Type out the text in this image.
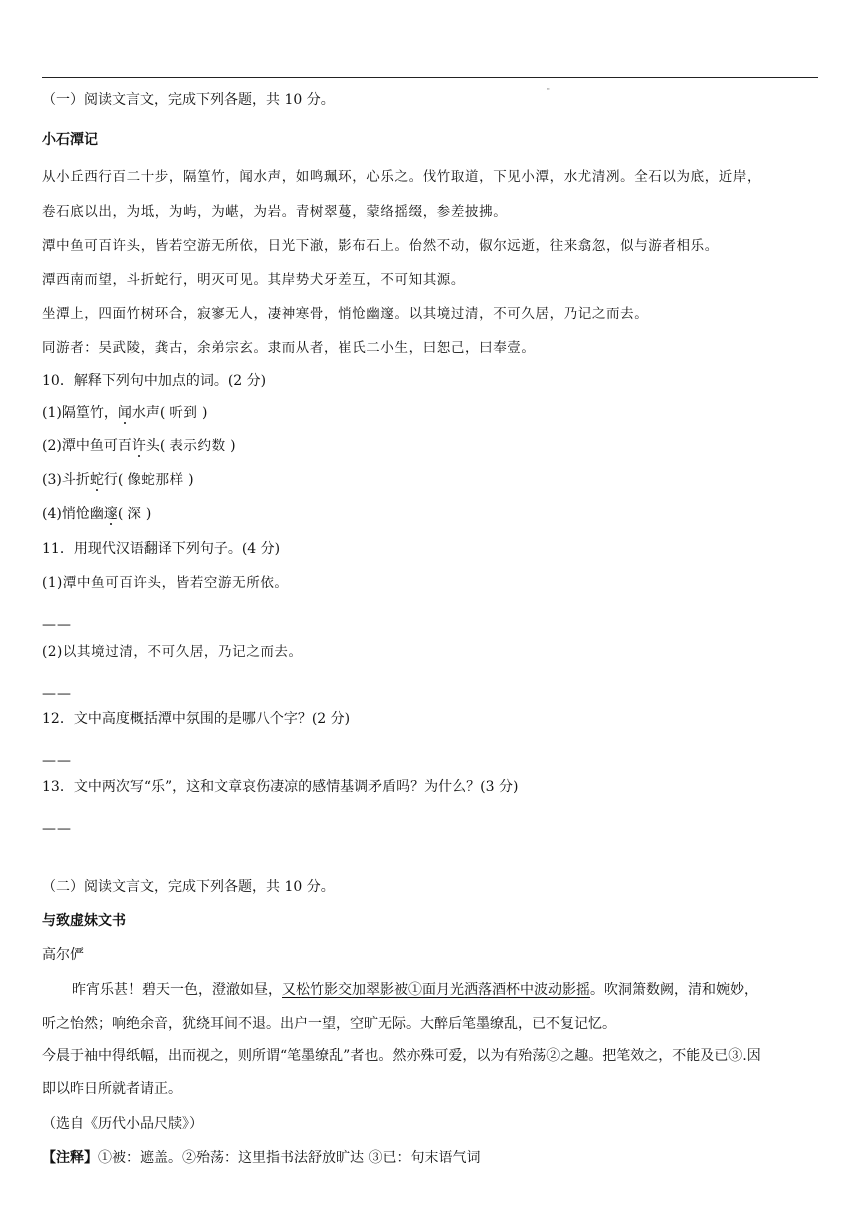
"
（一）阅读文言文，完成下列各题，共 10 分。
小石潭记
从小丘西行百二十步，隔篁竹，闻水声，如鸣珮环，心乐之。伐竹取道，下见小潭，水尤清冽。全石以为底，近岸，
卷石底以出，为坻，为屿，为嵁，为岩。青树翠蔓，蒙络摇缀，参差披拂。
潭中鱼可百许头，皆若空游无所依，日光下澈，影布石上。佁然不动，俶尔远逝，往来翕忽，似与游者相乐。
潭西南而望，斗折蛇行，明灭可见。其岸势犬牙差互，不可知其源。
坐潭上，四面竹树环合，寂寥无人，凄神寒骨，悄怆幽邃。以其境过清，不可久居，乃记之而去。
同游者：吴武陵，龚古，余弟宗玄。隶而从者，崔氏二小生，曰恕己，曰奉壹。
10．解释下列句中加点的词。(2 分)
(1)隔篁竹，闻水声( 听到 )
(2)潭中鱼可百许头( 表示约数 )
(3)斗折蛇行( 像蛇那样 )
(4)悄怆幽邃( 深 )
11．用现代汉语翻译下列句子。(4 分)
(1)潭中鱼可百许头，皆若空游无所依。
——
(2)以其境过清，不可久居，乃记之而去。
——
12．文中高度概括潭中氛围的是哪八个字？(2 分)
——
13．文中两次写“乐”，这和文章哀伤凄凉的感情基调矛盾吗？为什么？(3 分)
——
（二）阅读文言文，完成下列各题，共 10 分。
与致虚妹文书
高尔俨
昨宵乐甚！碧天一色，澄澈如昼，又松竹影交加翠影被①面月光洒落酒杯中波动影摇。吹洞箫数阙，清和婉妙，
听之怡然；响绝余音，犹绕耳间不退。出户一望，空旷无际。大醉后笔墨缭乱，已不复记忆。
今晨于袖中得纸幅，出而视之，则所谓“笔墨缭乱”者也。然亦殊可爱，以为有殆荡②之趣。把笔效之，不能及已③.因
即以昨日所就者请正。
（选自《历代小品尺牍》）
【注释】①被：遮盖。②殆荡：这里指书法舒放旷达 ③已：句末语气词
